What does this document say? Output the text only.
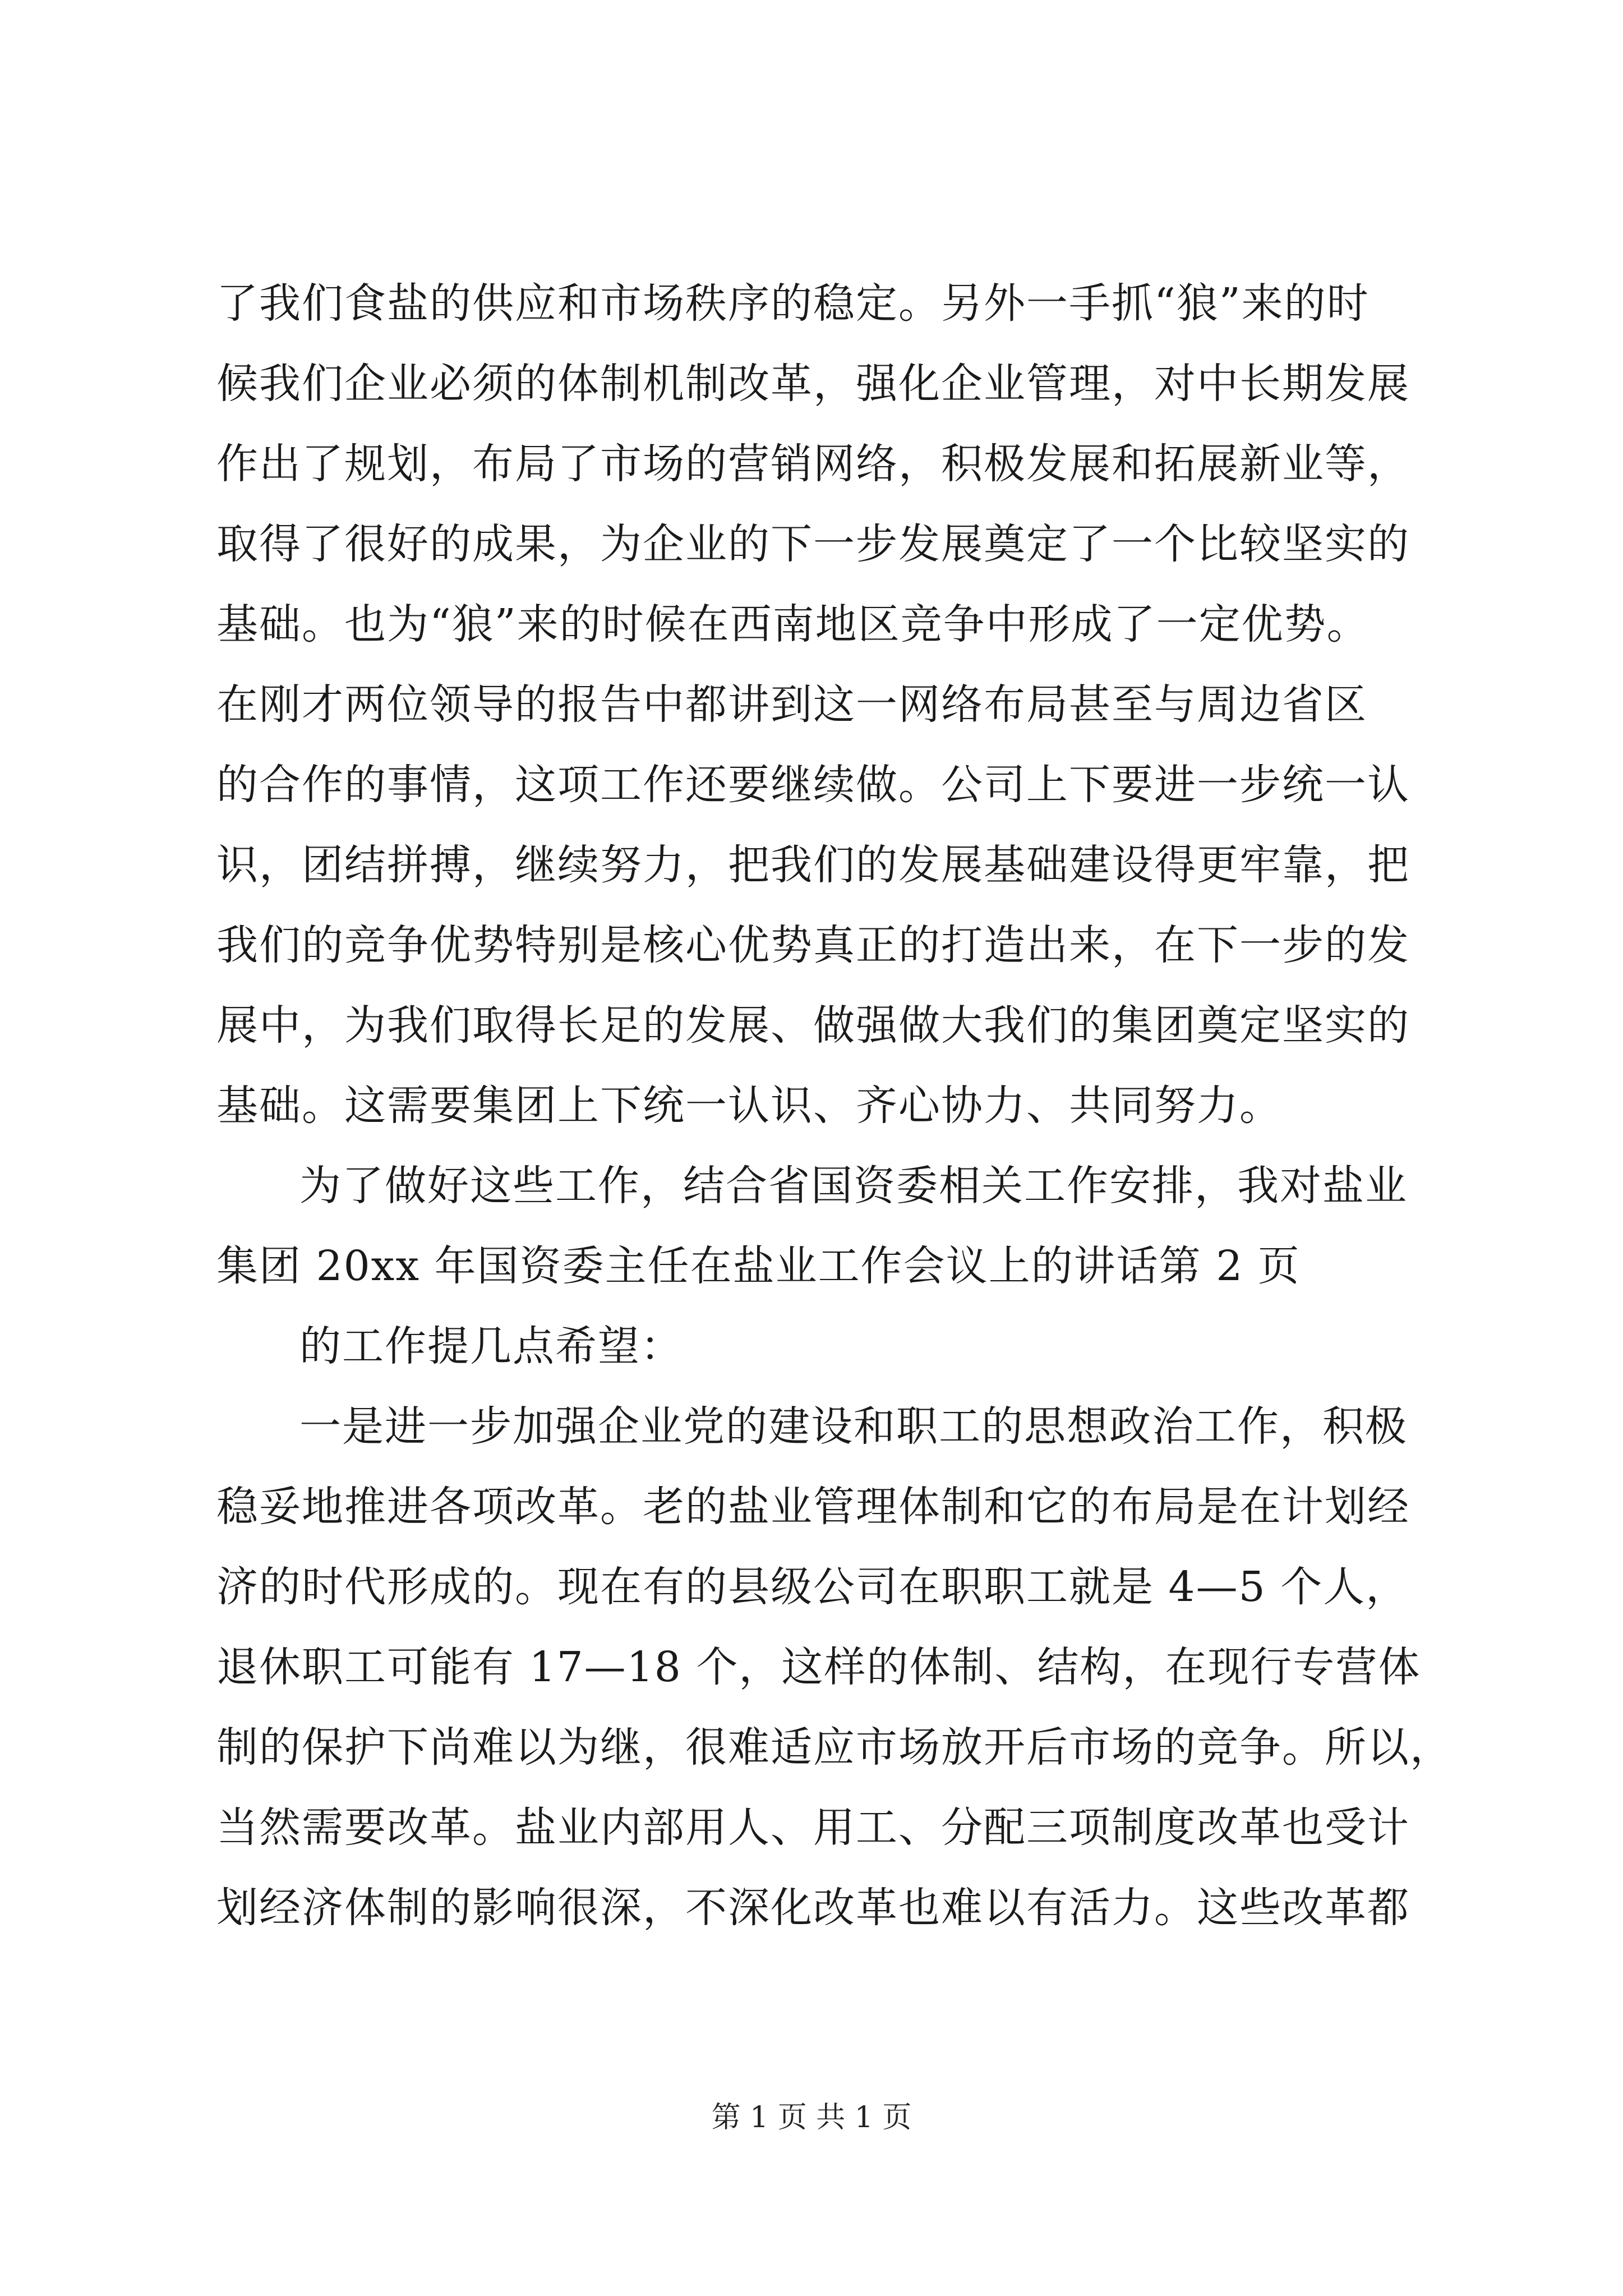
了我们食盐的供应和市场秩序的稳定。另外一手抓“狼”来的时
候我们企业必须的体制机制改革，强化企业管理，对中长期发展
作出了规划，布局了市场的营销网络，积极发展和拓展新业等，
取得了很好的成果，为企业的下一步发展奠定了一个比较坚实的
基础。也为“狼”来的时候在西南地区竞争中形成了一定优势。
在刚才两位领导的报告中都讲到这一网络布局甚至与周边省区
的合作的事情，这项工作还要继续做。公司上下要进一步统一认
识，团结拼搏，继续努力，把我们的发展基础建设得更牢靠，把
我们的竞争优势特别是核心优势真正的打造出来，在下一步的发
展中，为我们取得长足的发展、做强做大我们的集团奠定坚实的
基础。这需要集团上下统一认识、齐心协力、共同努力。
为了做好这些工作，结合省国资委相关工作安排，我对盐业
集团 20xx 年国资委主任在盐业工作会议上的讲话第 2 页
的工作提几点希望：
一是进一步加强企业党的建设和职工的思想政治工作，积极
稳妥地推进各项改革。老的盐业管理体制和它的布局是在计划经
济的时代形成的。现在有的县级公司在职职工就是 4—5 个人，
退休职工可能有 17—18 个，这样的体制、结构，在现行专营体
制的保护下尚难以为继，很难适应市场放开后市场的竞争。所以，
当然需要改革。盐业内部用人、用工、分配三项制度改革也受计
划经济体制的影响很深，不深化改革也难以有活力。这些改革都
第 1 页 共 1 页
